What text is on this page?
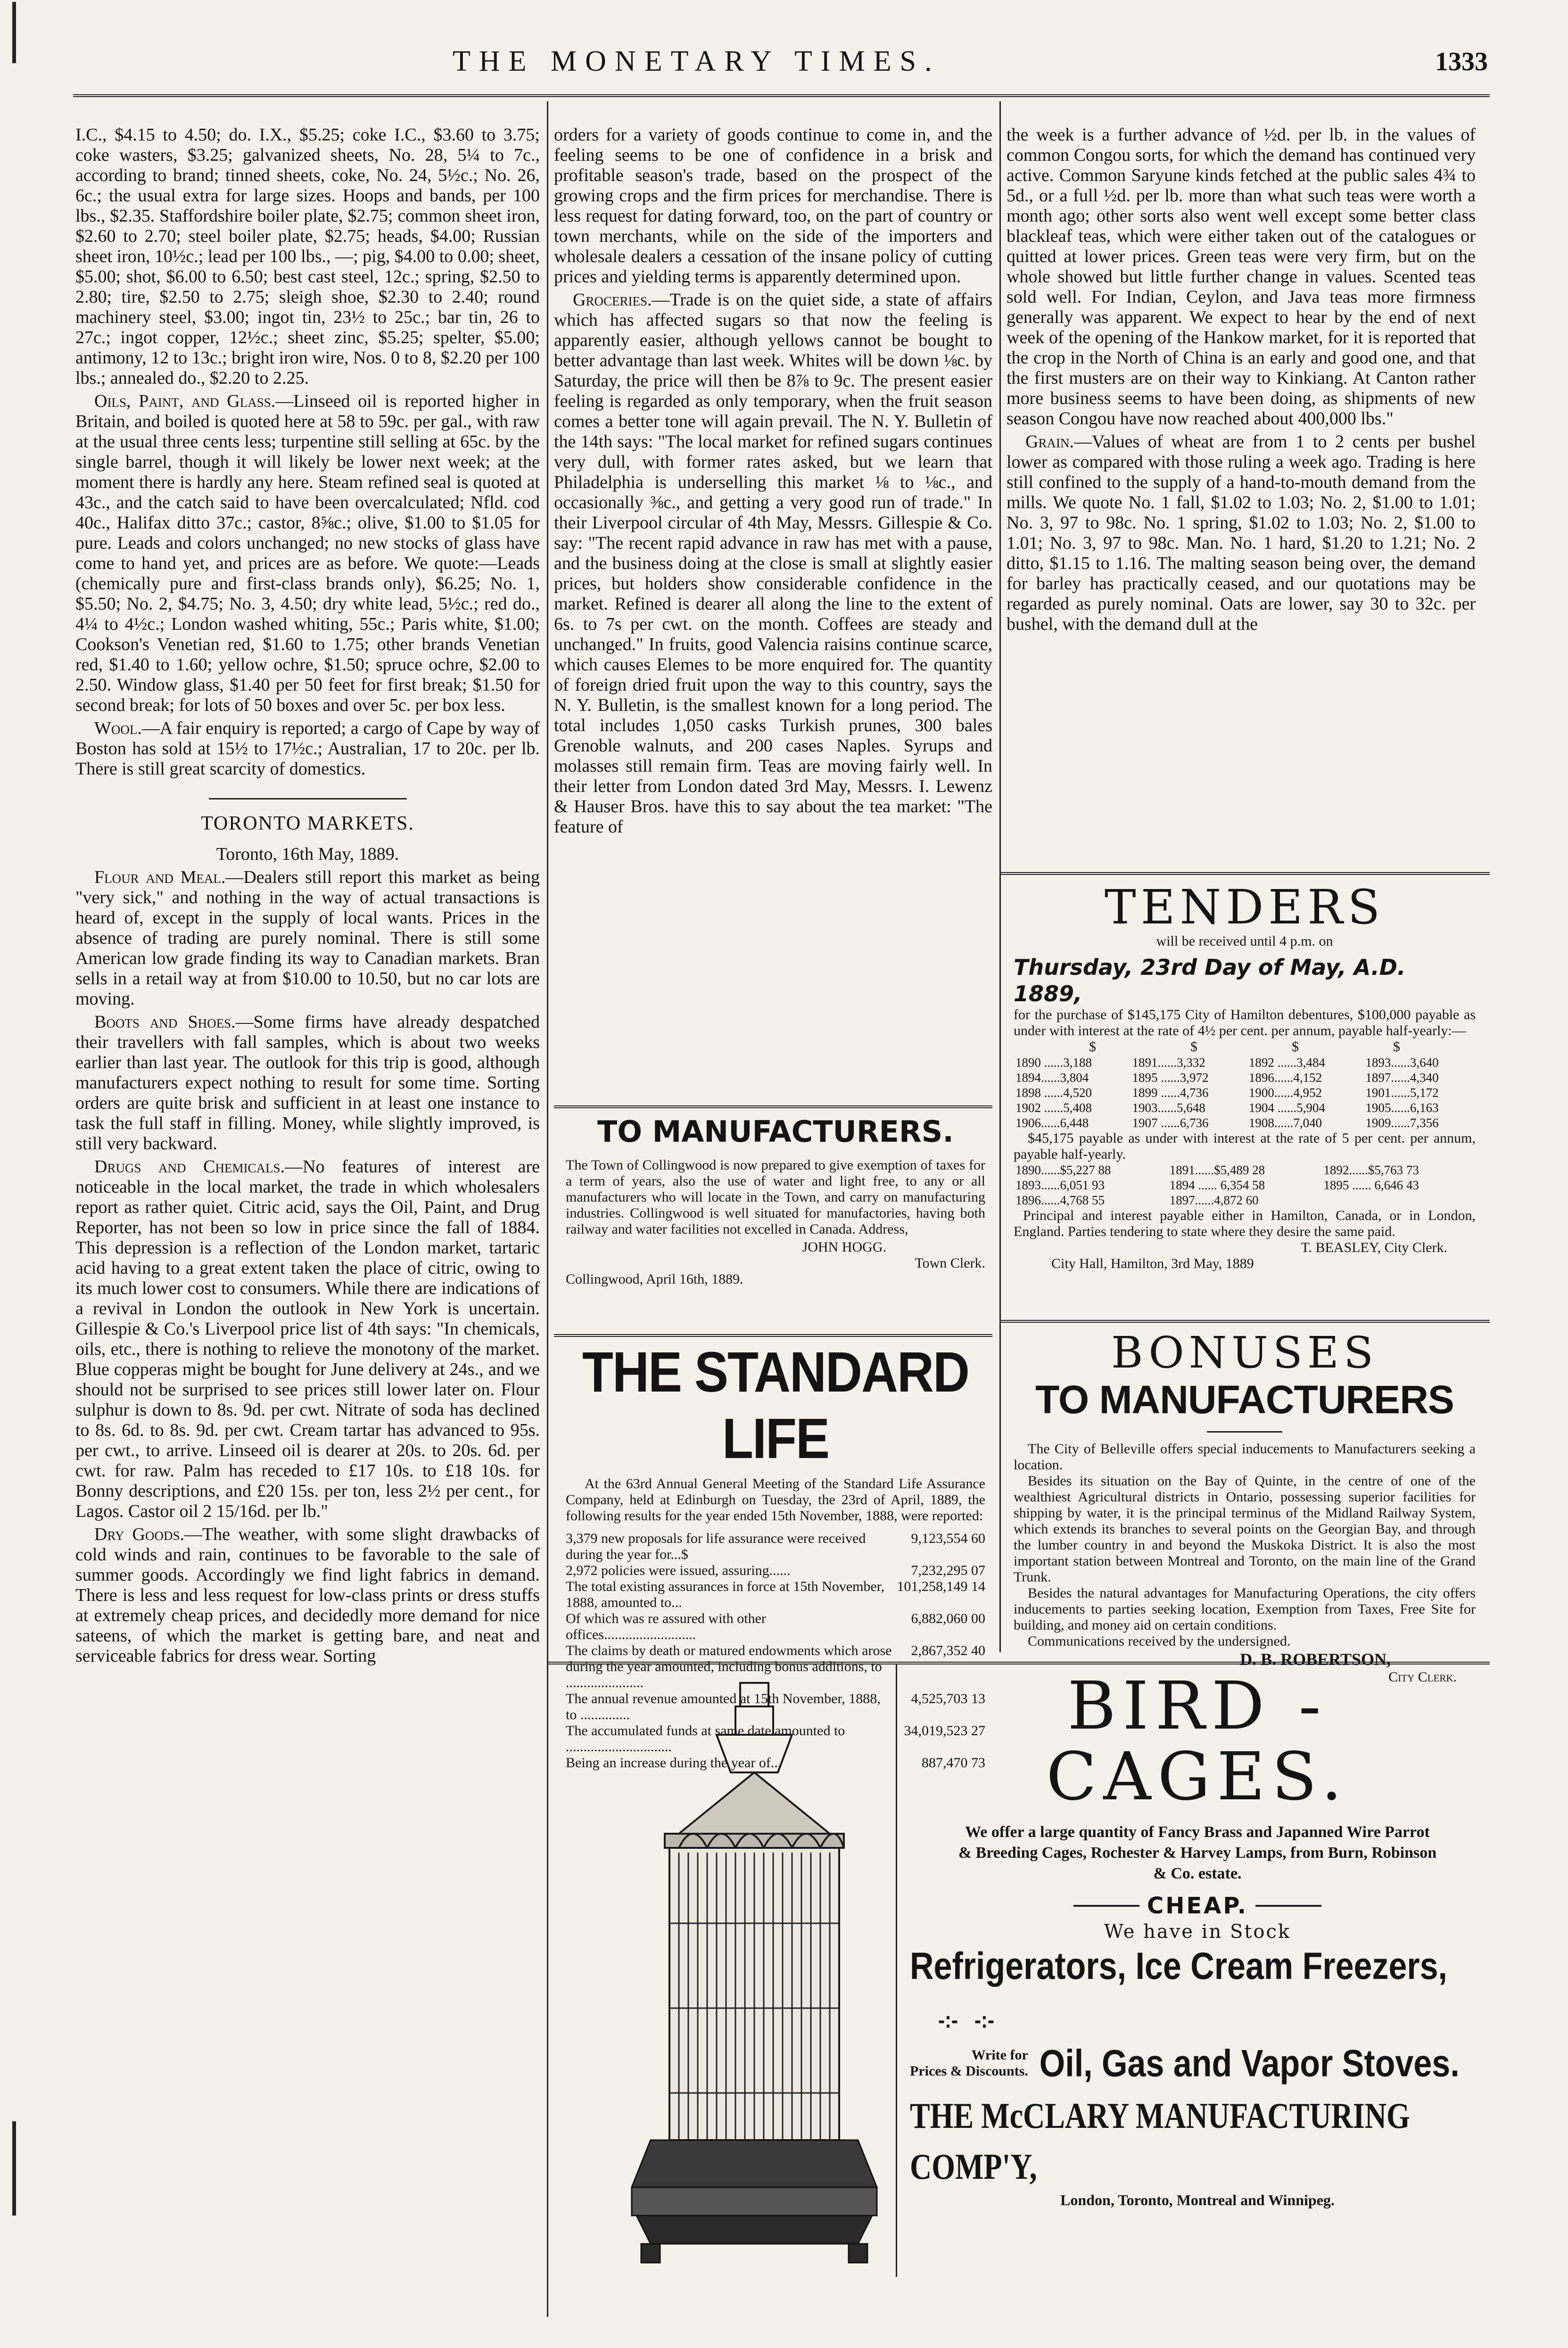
THE MONETARY TIMES.	1333

I.C., $4.15 to 4.50; do. I.X., $5.25; coke I.C., $3.60 to 3.75; coke wasters, $3.25; galvanized sheets, No. 28, 5¼ to 7c., according to brand; tinned sheets, coke, No. 24, 5½c.; No. 26, 6c.; the usual extra for large sizes. Hoops and bands, per 100 lbs., $2.35. Staffordshire boiler plate, $2.75; common sheet iron, $2.60 to 2.70; steel boiler plate, $2.75; heads, $4.00; Russian sheet iron, 10½c.; lead per 100 lbs., —; pig, $4.00 to 0.00; sheet, $5.00; shot, $6.00 to 6.50; best cast steel, 12c.; spring, $2.50 to 2.80; tire, $2.50 to 2.75; sleigh shoe, $2.30 to 2.40; round machinery steel, $3.00; ingot tin, 23½ to 25c.; bar tin, 26 to 27c.; ingot copper, 12½c.; sheet zinc, $5.25; spelter, $5.00; antimony, 12 to 13c.; bright iron wire, Nos. 0 to 8, $2.20 per 100 lbs.; annealed do., $2.20 to 2.25.

Oils, Paint, and Glass.—Linseed oil is reported higher in Britain, and boiled is quoted here at 58 to 59c. per gal., with raw at the usual three cents less; turpentine still selling at 65c. by the single barrel, though it will likely be lower next week; at the moment there is hardly any here. Steam refined seal is quoted at 43c., and the catch said to have been overcalculated; Nfld. cod 40c., Halifax ditto 37c.; castor, 8⅝c.; olive, $1.00 to $1.05 for pure. Leads and colors unchanged; no new stocks of glass have come to hand yet, and prices are as before. We quote:—Leads (chemically pure and first-class brands only), $6.25; No. 1, $5.50; No. 2, $4.75; No. 3, 4.50; dry white lead, 5½c.; red do., 4¼ to 4½c.; London washed whiting, 55c.; Paris white, $1.00; Cookson's Venetian red, $1.60 to 1.75; other brands Venetian red, $1.40 to 1.60; yellow ochre, $1.50; spruce ochre, $2.00 to 2.50. Window glass, $1.40 per 50 feet for first break; $1.50 for second break; for lots of 50 boxes and over 5c. per box less.

Wool.—A fair enquiry is reported; a cargo of Cape by way of Boston has sold at 15½ to 17½c.; Australian, 17 to 20c. per lb. There is still great scarcity of domestics.

TORONTO MARKETS.
Toronto, 16th May, 1889.

Flour and Meal.—Dealers still report this market as being "very sick," and nothing in the way of actual transactions is heard of, except in the supply of local wants. Prices in the absence of trading are purely nominal. There is still some American low grade finding its way to Canadian markets. Bran sells in a retail way at from $10.00 to 10.50, but no car lots are moving.

Boots and Shoes.—Some firms have already despatched their travellers with fall samples, which is about two weeks earlier than last year. The outlook for this trip is good, although manufacturers expect nothing to result for some time. Sorting orders are quite brisk and sufficient in at least one instance to task the full staff in filling. Money, while slightly improved, is still very backward.

Drugs and Chemicals.—No features of interest are noticeable in the local market, the trade in which wholesalers report as rather quiet. Citric acid, says the Oil, Paint, and Drug Reporter, has not been so low in price since the fall of 1884. This depression is a reflection of the London market, tartaric acid having to a great extent taken the place of citric, owing to its much lower cost to consumers. While there are indications of a revival in London the outlook in New York is uncertain. Gillespie & Co.'s Liverpool price list of 4th says: "In chemicals, oils, etc., there is nothing to relieve the monotony of the market. Blue copperas might be bought for June delivery at 24s., and we should not be surprised to see prices still lower later on. Flour sulphur is down to 8s. 9d. per cwt. Nitrate of soda has declined to 8s. 6d. to 8s. 9d. per cwt. Cream tartar has advanced to 95s. per cwt., to arrive. Linseed oil is dearer at 20s. to 20s. 6d. per cwt. for raw. Palm has receded to £17 10s. to £18 10s. for Bonny descriptions, and £20 15s. per ton, less 2½ per cent., for Lagos. Castor oil 2 15/16d. per lb."

Dry Goods.—The weather, with some slight drawbacks of cold winds and rain, continues to be favorable to the sale of summer goods. Accordingly we find light fabrics in demand. There is less and less request for low-class prints or dress stuffs at extremely cheap prices, and decidedly more demand for nice sateens, of which the market is getting bare, and neat and serviceable fabrics for dress wear. Sorting

orders for a variety of goods continue to come in, and the feeling seems to be one of confidence in a brisk and profitable season's trade, based on the prospect of the growing crops and the firm prices for merchandise. There is less request for dating forward, too, on the part of country or town merchants, while on the side of the importers and wholesale dealers a cessation of the insane policy of cutting prices and yielding terms is apparently determined upon.

Groceries.—Trade is on the quiet side, a state of affairs which has affected sugars so that now the feeling is apparently easier, although yellows cannot be bought to better advantage than last week. Whites will be down ⅛c. by Saturday, the price will then be 8⅞ to 9c. The present easier feeling is regarded as only temporary, when the fruit season comes a better tone will again prevail. The N. Y. Bulletin of the 14th says: "The local market for refined sugars continues very dull, with former rates asked, but we learn that Philadelphia is underselling this market ⅛ to ⅛c., and occasionally ⅜c., and getting a very good run of trade." In their Liverpool circular of 4th May, Messrs. Gillespie & Co. say: "The recent rapid advance in raw has met with a pause, and the business doing at the close is small at slightly easier prices, but holders show considerable confidence in the market. Refined is dearer all along the line to the extent of 6s. to 7s per cwt. on the month. Coffees are steady and unchanged." In fruits, good Valencia raisins continue scarce, which causes Elemes to be more enquired for. The quantity of foreign dried fruit upon the way to this country, says the N. Y. Bulletin, is the smallest known for a long period. The total includes 1,050 casks Turkish prunes, 300 bales Grenoble walnuts, and 200 cases Naples. Syrups and molasses still remain firm. Teas are moving fairly well. In their letter from London dated 3rd May, Messrs. I. Lewenz & Hauser Bros. have this to say about the tea market: "The feature of

TO MANUFACTURERS.
The Town of Collingwood is now prepared to give exemption of taxes for a term of years, also the use of water and light free, to any or all manufacturers who will locate in the Town, and carry on manufacturing industries. Collingwood is well situated for manufactories, having both railway and water facilities not excelled in Canada. Address,
JOHN HOGG.
Town Clerk.
Collingwood, April 16th, 1889.
THE STANDARD LIFE
At the 63rd Annual General Meeting of the Standard Life Assurance Company, held at Edinburgh on Tuesday, the 23rd of April, 1889, the following results for the year ended 15th November, 1888, were reported:
3,379 new proposals for life assurance were received during the year for...$	9,123,554 60
2,972 policies were issued, assuring......	7,232,295 07
The total existing assurances in force at 15th November, 1888, amounted to...	101,258,149 14
Of which was re assured with other offices..........................	6,882,060 00
The claims by death or matured endowments which arose during the year amounted, including bonus additions, to ......................	2,867,352 40
The annual revenue amounted at 15th November, 1888, to ..............	4,525,703 13
The accumulated funds at same date amounted to ..............................	34,019,523 27
Being an increase during the year of...	887,470 73

the week is a further advance of ½d. per lb. in the values of common Congou sorts, for which the demand has continued very active. Common Saryune kinds fetched at the public sales 4¾ to 5d., or a full ½d. per lb. more than what such teas were worth a month ago; other sorts also went well except some better class blackleaf teas, which were either taken out of the catalogues or quitted at lower prices. Green teas were very firm, but on the whole showed but little further change in values. Scented teas sold well. For Indian, Ceylon, and Java teas more firmness generally was apparent. We expect to hear by the end of next week of the opening of the Hankow market, for it is reported that the crop in the North of China is an early and good one, and that the first musters are on their way to Kinkiang. At Canton rather more business seems to have been doing, as shipments of new season Congou have now reached about 400,000 lbs."

Grain.—Values of wheat are from 1 to 2 cents per bushel lower as compared with those ruling a week ago. Trading is here still confined to the supply of a hand-to-mouth demand from the mills. We quote No. 1 fall, $1.02 to 1.03; No. 2, $1.00 to 1.01; No. 3, 97 to 98c. No. 1 spring, $1.02 to 1.03; No. 2, $1.00 to 1.01; No. 3, 97 to 98c. Man. No. 1 hard, $1.20 to 1.21; No. 2 ditto, $1.15 to 1.16. The malting season being over, the demand for barley has practically ceased, and our quotations may be regarded as purely nominal. Oats are lower, say 30 to 32c. per bushel, with the demand dull at the

TENDERS
will be received until 4 p.m. on
Thursday, 23rd Day of May, A.D. 1889,
for the purchase of $145,175 City of Hamilton debentures, $100,000 payable as under with interest at the rate of 4½ per cent. per annum, payable half-yearly:—
$	$	$	$
1890 ......3,188	1891......3,332	1892 ......3,484	1893......3,640
1894......3,804	1895 ......3,972	1896......4,152	1897......4,340
1898 ......4,520	1899 ......4,736	1900......4,952	1901......5,172
1902 ......5,408	1903......5,648	1904 ......5,904	1905......6,163
1906......6,448	1907 ......6,736	1908......7,040	1909......7,356
$45,175 payable as under with interest at the rate of 5 per cent. per annum, payable half-yearly.
1890......$5,227 88	1891......$5,489 28	1892......$5,763 73
1893......6,051 93	1894 ...... 6,354 58	1895 ...... 6,646 43
1896......4,768 55	1897......4,872 60	
Principal and interest payable either in Hamilton, Canada, or in London, England. Parties tendering to state where they desire the same paid.
T. BEASLEY, City Clerk.
City Hall, Hamilton, 3rd May, 1889
BONUSES
TO MANUFACTURERS
The City of Belleville offers special inducements to Manufacturers seeking a location.
Besides its situation on the Bay of Quinte, in the centre of one of the wealthiest Agricultural districts in Ontario, possessing superior facilities for shipping by water, it is the principal terminus of the Midland Railway System, which extends its branches to several points on the Georgian Bay, and through the lumber country in and beyond the Muskoka District. It is also the most important station between Montreal and Toronto, on the main line of the Grand Trunk.
Besides the natural advantages for Manufacturing Operations, the city offers inducements to parties seeking location, Exemption from Taxes, Free Site for building, and money aid on certain conditions.
Communications received by the undersigned.
D. B. ROBERTSON,
City Clerk.
BIRD - CAGES.
We offer a large quantity of Fancy Brass and Japanned Wire Parrot & Breeding Cages, Rochester & Harvey Lamps, from Burn, Robinson & Co. estate.
CHEAP.
We have in Stock
Refrigerators, Ice Cream Freezers, -:-   -:-
Write for
Prices & Discounts. Oil, Gas and Vapor Stoves.
THE McCLARY MANUFACTURING COMP'Y,
London, Toronto, Montreal and Winnipeg.
